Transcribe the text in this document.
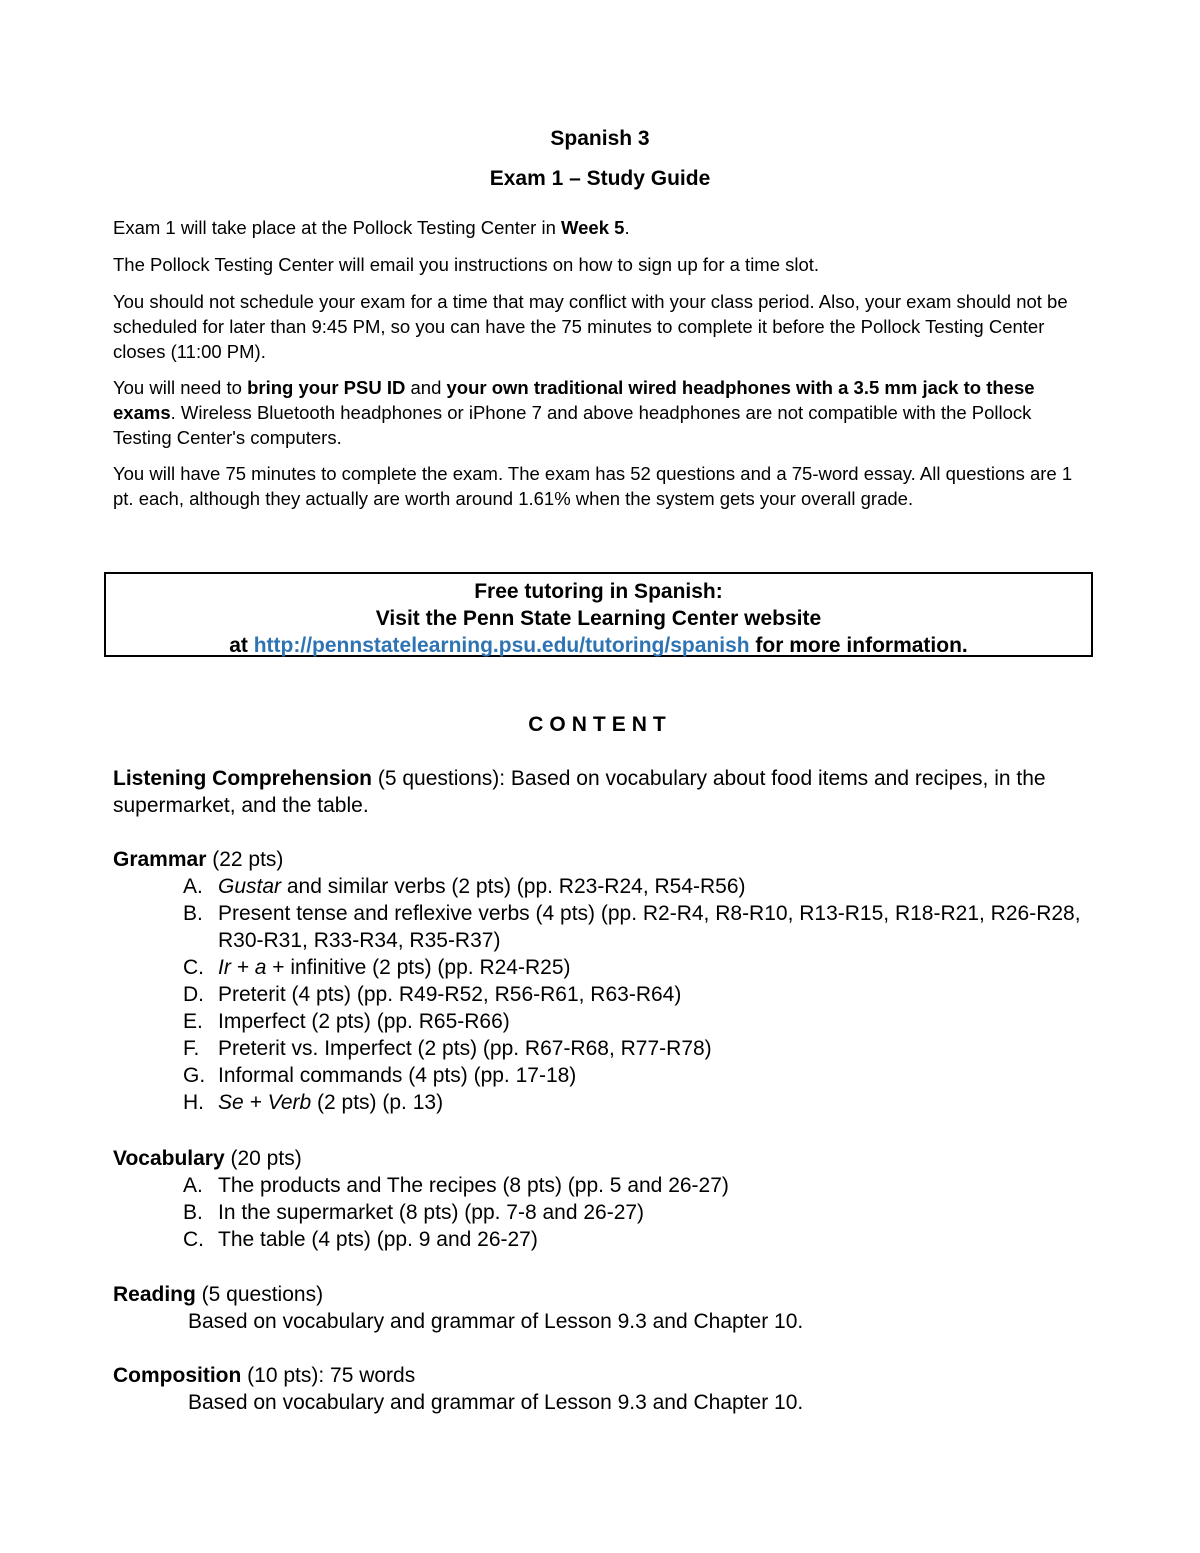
Spanish 3
Exam 1 – Study Guide

Exam 1 will take place at the Pollock Testing Center in Week 5.

The Pollock Testing Center will email you instructions on how to sign up for a time slot.

You should not schedule your exam for a time that may conflict with your class period. Also, your exam should not be scheduled for later than 9:45 PM, so you can have the 75 minutes to complete it before the Pollock Testing Center closes (11:00 PM).

You will need to bring your PSU ID and your own traditional wired headphones with a 3.5 mm jack to these exams. Wireless Bluetooth headphones or iPhone 7 and above headphones are not compatible with the Pollock Testing Center's computers.

You will have 75 minutes to complete the exam. The exam has 52 questions and a 75-word essay. All questions are 1 pt. each, although they actually are worth around 1.61% when the system gets your overall grade.

Free tutoring in Spanish:
Visit the Penn State Learning Center website
at http://pennstatelearning.psu.edu/tutoring/spanish for more information.
CONTENT
Listening Comprehension (5 questions): Based on vocabulary about food items and recipes, in the supermarket, and the table.
Grammar (22 pts)
A. Gustar and similar verbs (2 pts) (pp. R23-R24, R54-R56)
B. Present tense and reflexive verbs (4 pts) (pp. R2-R4, R8-R10, R13-R15, R18-R21, R26-R28, R30-R31, R33-R34, R35-R37)
C. Ir + a + infinitive (2 pts) (pp. R24-R25)
D. Preterit (4 pts) (pp. R49-R52, R56-R61, R63-R64)
E. Imperfect (2 pts) (pp. R65-R66)
F. Preterit vs. Imperfect (2 pts) (pp. R67-R68, R77-R78)
G. Informal commands (4 pts) (pp. 17-18)
H. Se + Verb (2 pts) (p. 13)
Vocabulary (20 pts)
A. The products and The recipes (8 pts) (pp. 5 and 26-27)
B. In the supermarket (8 pts) (pp. 7-8 and 26-27)
C. The table (4 pts) (pp. 9 and 26-27)
Reading (5 questions)
Based on vocabulary and grammar of Lesson 9.3 and Chapter 10.
Composition (10 pts): 75 words
Based on vocabulary and grammar of Lesson 9.3 and Chapter 10.
